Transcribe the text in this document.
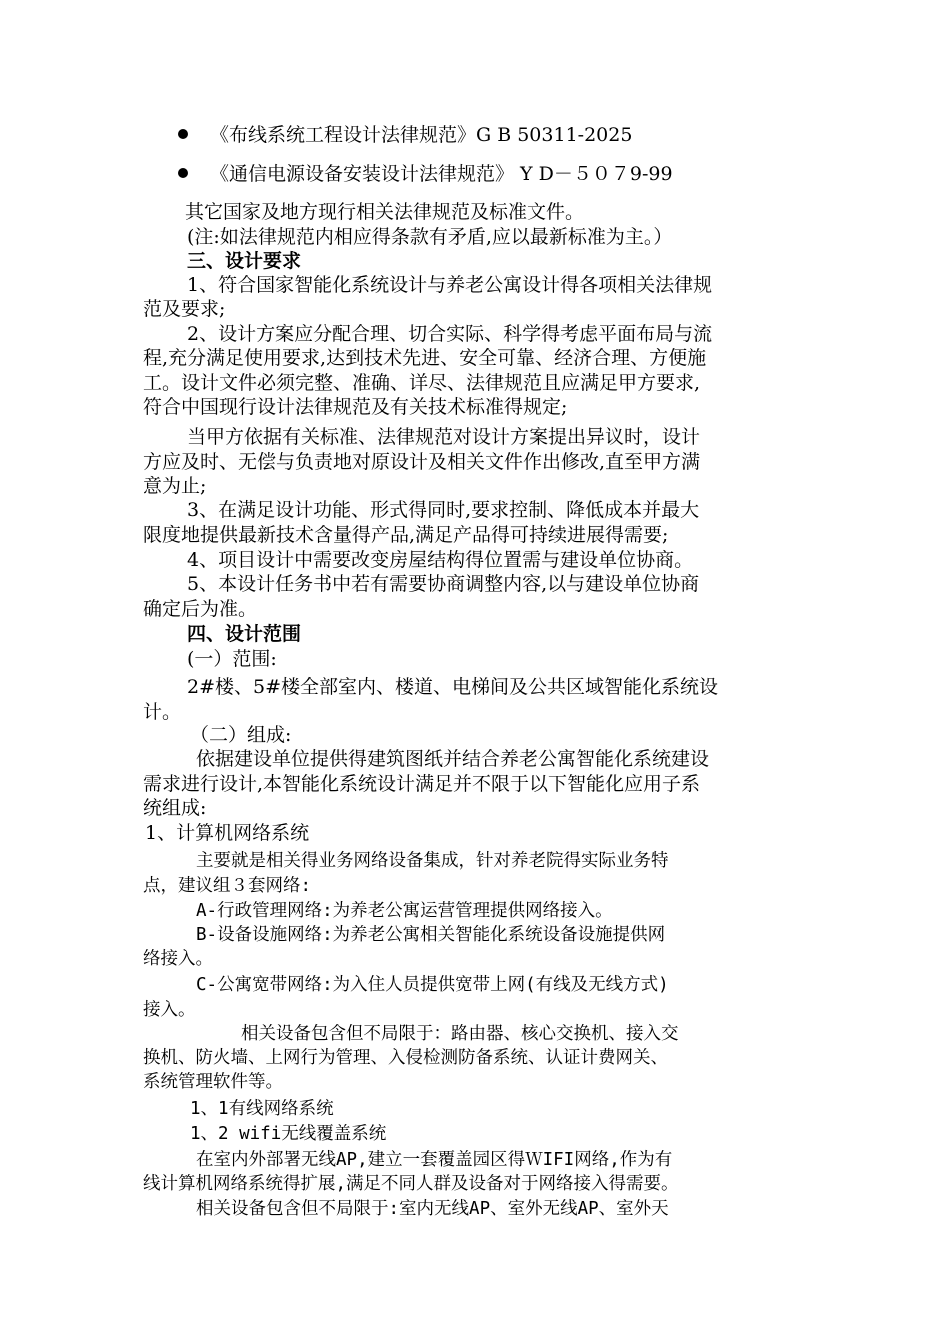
《布线系统工程设计法律规范》G B 50311-2025
《通信电源设备安装设计法律规范》 Y D－５０７9-99
其它国家及地方现行相关法律规范及标准文件。
(注:如法律规范内相应得条款有矛盾,应以最新标准为主。）
三、设计要求
1、符合国家智能化系统设计与养老公寓设计得各项相关法律规
范及要求;
2、设计方案应分配合理、切合实际、科学得考虑平面布局与流
程,充分满足使用要求,达到技术先进、安全可靠、经济合理、方便施
工。设计文件必须完整、准确、详尽、法律规范且应满足甲方要求,
符合中国现行设计法律规范及有关技术标准得规定;
当甲方依据有关标准、法律规范对设计方案提出异议时，设计
方应及时、无偿与负责地对原设计及相关文件作出修改,直至甲方满
意为止;
3、在满足设计功能、形式得同时,要求控制、降低成本并最大
限度地提供最新技术含量得产品,满足产品得可持续进展得需要;
4、项目设计中需要改变房屋结构得位置需与建设单位协商。
5、本设计任务书中若有需要协商调整内容,以与建设单位协商
确定后为准。
四、设计范围
(一）范围:
2#楼、5#楼全部室内、楼道、电梯间及公共区域智能化系统设
计。
（二）组成:
依据建设单位提供得建筑图纸并结合养老公寓智能化系统建设
需求进行设计,本智能化系统设计满足并不限于以下智能化应用子系
统组成:
1、计算机网络系统
主要就是相关得业务网络设备集成，针对养老院得实际业务特
点，建议组３套网络:
A-行政管理网络:为养老公寓运营管理提供网络接入。
B-设备设施网络:为养老公寓相关智能化系统设备设施提供网
络接入。
C-公寓宽带网络:为入住人员提供宽带上网(有线及无线方式)
接入。
相关设备包含但不局限于：路由器、核心交换机、接入交
换机、防火墙、上网行为管理、入侵检测防备系统、认证计费网关、
系统管理软件等。
1、1有线网络系统
1、2 wifi无线覆盖系统
在室内外部署无线AP,建立一套覆盖园区得ＷIFI网络,作为有
线计算机网络系统得扩展,满足不同人群及设备对于网络接入得需要。
相关设备包含但不局限于:室内无线AP、室外无线AP、室外天
